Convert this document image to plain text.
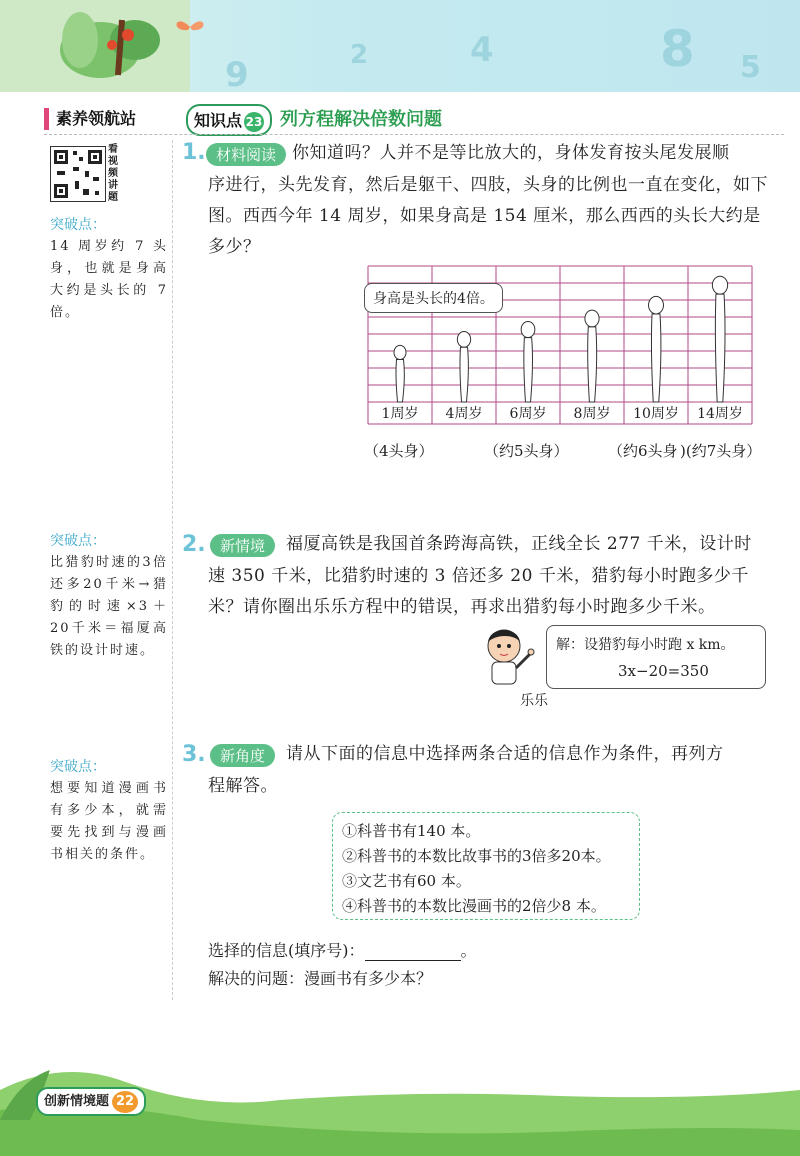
9	8 5
4
2
素养领航站	知识点 23 列方程解决倍数问题
看视频讲题
突破点：
14 周岁约 7 头身，也就是身高大约是头长的 7 倍。
突破点：
比猎豹时速的3倍还多20千米→猎豹的时速×3＋20千米＝福厦高铁的设计时速。
突破点：
想要知道漫画书有多少本，就需要先找到与漫画书相关的条件。
1. 材料阅读 你知道吗？人并不是等比放大的，身体发育按头尾发展顺
序进行，头先发育，然后是躯干、四肢，头身的比例也一直在变化，如下
图。西西今年 14 周岁，如果身高是 154 厘米，那么西西的头长大约是
多少？
1周岁 4周岁 6周岁 8周岁 10周岁 14周岁
身高是头长的4倍。
（4头身）	（约5头身）	（约6头身 )(约7头身）
2. 新情境	福厦高铁是我国首条跨海高铁，正线全长 277 千米，设计时
速 350 千米，比猎豹时速的 3 倍还多 20 千米，猎豹每小时跑多少千
米？请你圈出乐乐方程中的错误，再求出猎豹每小时跑多少千米。
解：设猎豹每小时跑 x km。
3x−20=350
乐乐
3. 新角度	请从下面的信息中选择两条合适的信息作为条件，再列方
程解答。
①科普书有140 本。
②科普书的本数比故事书的3倍多20本。
③文艺书有60 本。
④科普书的本数比漫画书的2倍少8 本。
选择的信息(填序号)：	。
解决的问题：漫画书有多少本？
创新情境题 22
